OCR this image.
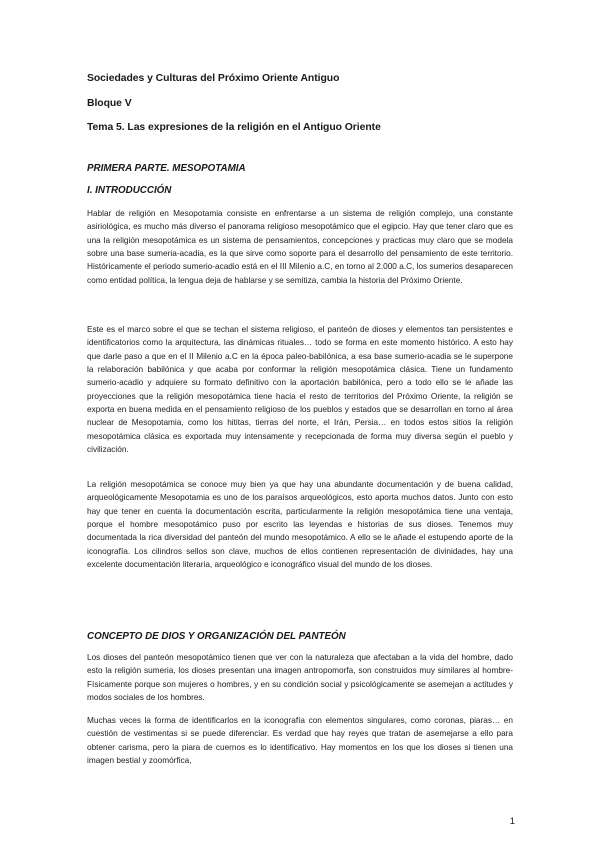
Sociedades y Culturas del Próximo Oriente Antiguo
Bloque V
Tema 5. Las expresiones de la religión en el Antiguo Oriente
PRIMERA PARTE. MESOPOTAMIA
I. INTRODUCCIÓN

Hablar de religión en Mesopotamia consiste en enfrentarse a un sistema de religión complejo, una constante asiriológica, es mucho más diverso el panorama religioso mesopotámico que el egipcio. Hay que tener claro que es una la religión mesopotámica es un sistema de pensamientos, concepciones y practicas muy claro que se modela sobre una base sumeria-acadia, es la que sirve como soporte para el desarrollo del pensamiento de este territorio. Históricamente el periodo sumerio-acadio está en el III Milenio a.C, en torno al 2.000 a.C, los sumerios desaparecen como entidad política, la lengua deja de hablarse y se semitiza, cambia la historia del Próximo Oriente.

Este es el marco sobre el que se techan el sistema religioso, el panteón de dioses y elementos tan persistentes e identificatorios como la arquitectura, las dinámicas rituales… todo se forma en este momento histórico. A esto hay que darle paso a que en el II Milenio a.C en la época paleo-babilónica, a esa base sumerio-acadia se le superpone la relaboración babilónica y que acaba por conformar la religión mesopotámica clásica. Tiene un fundamento sumerio-acadio y adquiere su formato definitivo con la aportación babilónica, pero a todo ello se le añade las proyecciones que la religión mesopotámica tiene hacia el resto de territorios del Próximo Oriente, la religión se exporta en buena medida en el pensamiento religioso de los pueblos y estados que se desarrollan en torno al área nuclear de Mesopotamia, como los hititas, tierras del norte, el Irán, Persia… en todos estos sitios la religión mesopotámica clásica es exportada muy intensamente y recepcionada de forma muy diversa según el pueblo y civilización.

La religión mesopotámica se conoce muy bien ya que hay una abundante documentación y de buena calidad, arqueológicamente Mesopotamia es uno de los paraísos arqueológicos, esto aporta muchos datos. Junto con esto hay que tener en cuenta la documentación escrita, particularmente la religión mesopotámica tiene una ventaja, porque el hombre mesopotámico puso por escrito las leyendas e historias de sus dioses. Tenemos muy documentada la rica diversidad del panteón del mundo mesopotámico. A ello se le añade el estupendo aporte de la iconografía. Los cilindros sellos son clave, muchos de ellos contienen representación de divinidades, hay una excelente documentación literaria, arqueológico e iconográfico visual del mundo de los dioses.

CONCEPTO DE DIOS Y ORGANIZACIÓN DEL PANTEÓN

Los dioses del panteón mesopotámico tienen que ver con la naturaleza que afectaban a la vida del hombre, dado esto la religión sumeria, los dioses presentan una imagen antropomorfa, son construidos muy similares al hombre- Físicamente porque son mujeres o hombres, y en su condición social y psicológicamente se asemejan a actitudes y modos sociales de los hombres.

Muchas veces la forma de identificarlos en la iconografía con elementos singulares, como coronas, piaras… en cuestión de vestimentas si se puede diferenciar. Es verdad que hay reyes que tratan de asemejarse a ello para obtener carisma, pero la piara de cuernos es lo identificativo. Hay momentos en los que los dioses si tienen una imagen bestial y zoomórfica,

1
